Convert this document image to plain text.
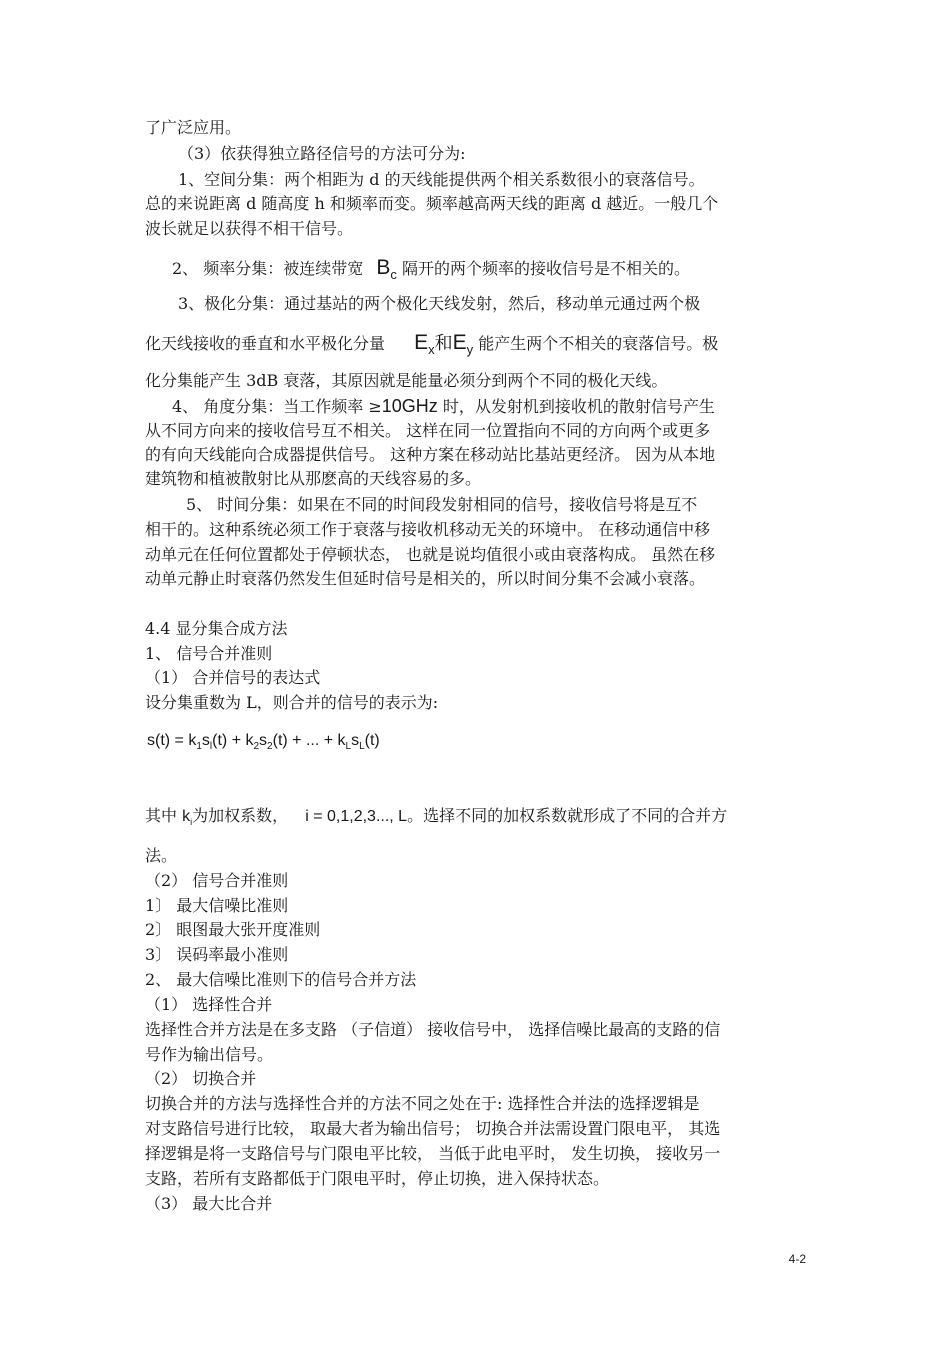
了广泛应用。
（3）依获得独立路径信号的方法可分为:
1、空间分集：两个相距为 d 的天线能提供两个相关系数很小的衰落信号。
总的来说距离 d 随高度 h 和频率而变。频率越高两天线的距离 d 越近。一般几个
波长就足以获得不相干信号。
2、 频率分集：被连续带宽 $B_c$ 隔开的两个频率的接收信号是不相关的。
3、极化分集：通过基站的两个极化天线发射，然后，移动单元通过两个极
化天线接收的垂直和水平极化分量 $E_x$和$E_y$ 能产生两个不相关的衰落信号。极
化分集能产生 3dB 衰落，其原因就是能量必须分到两个不同的极化天线。
4、 角度分集：当工作频率 ≥10GHz 时，从发射机到接收机的散射信号产生
从不同方向来的接收信号互不相关。 这样在同一位置指向不同的方向两个或更多
的有向天线能向合成器提供信号。 这种方案在移动站比基站更经济。 因为从本地
建筑物和植被散射比从那麽高的天线容易的多。
5、 时间分集：如果在不同的时间段发射相同的信号，接收信号将是互不
相干的。这种系统必须工作于衰落与接收机移动无关的环境中。 在移动通信中移
动单元在任何位置都处于停顿状态， 也就是说均值很小或由衰落构成。 虽然在移
动单元静止时衰落仍然发生但延时信号是相关的，所以时间分集不会减小衰落。
4.4 显分集合成方法
1、 信号合并准则
（1） 合并信号的表达式
设分集重数为 L，则合并的信号的表示为:
$s(t) = k_1s_l(t) + k_2s_2(t)$ + ... + $k_Ls_L(t)$
其中 $k_i$为加权系数， i = 0,1,2,3..., L。选择不同的加权系数就形成了不同的合并方
法。
（2） 信号合并准则
1〕 最大信噪比准则
2〕 眼图最大张开度准则
3〕 误码率最小准则
2、 最大信噪比准则下的信号合并方法
（1） 选择性合并
选择性合并方法是在多支路 （子信道） 接收信号中， 选择信噪比最高的支路的信
号作为输出信号。
（2） 切换合并
切换合并的方法与选择性合并的方法不同之处在于: 选择性合并法的选择逻辑是
对支路信号进行比较， 取最大者为输出信号； 切换合并法需设置门限电平， 其选
择逻辑是将一支路信号与门限电平比较， 当低于此电平时， 发生切换， 接收另一
支路，若所有支路都低于门限电平时，停止切换，进入保持状态。
（3） 最大比合并
4-2
